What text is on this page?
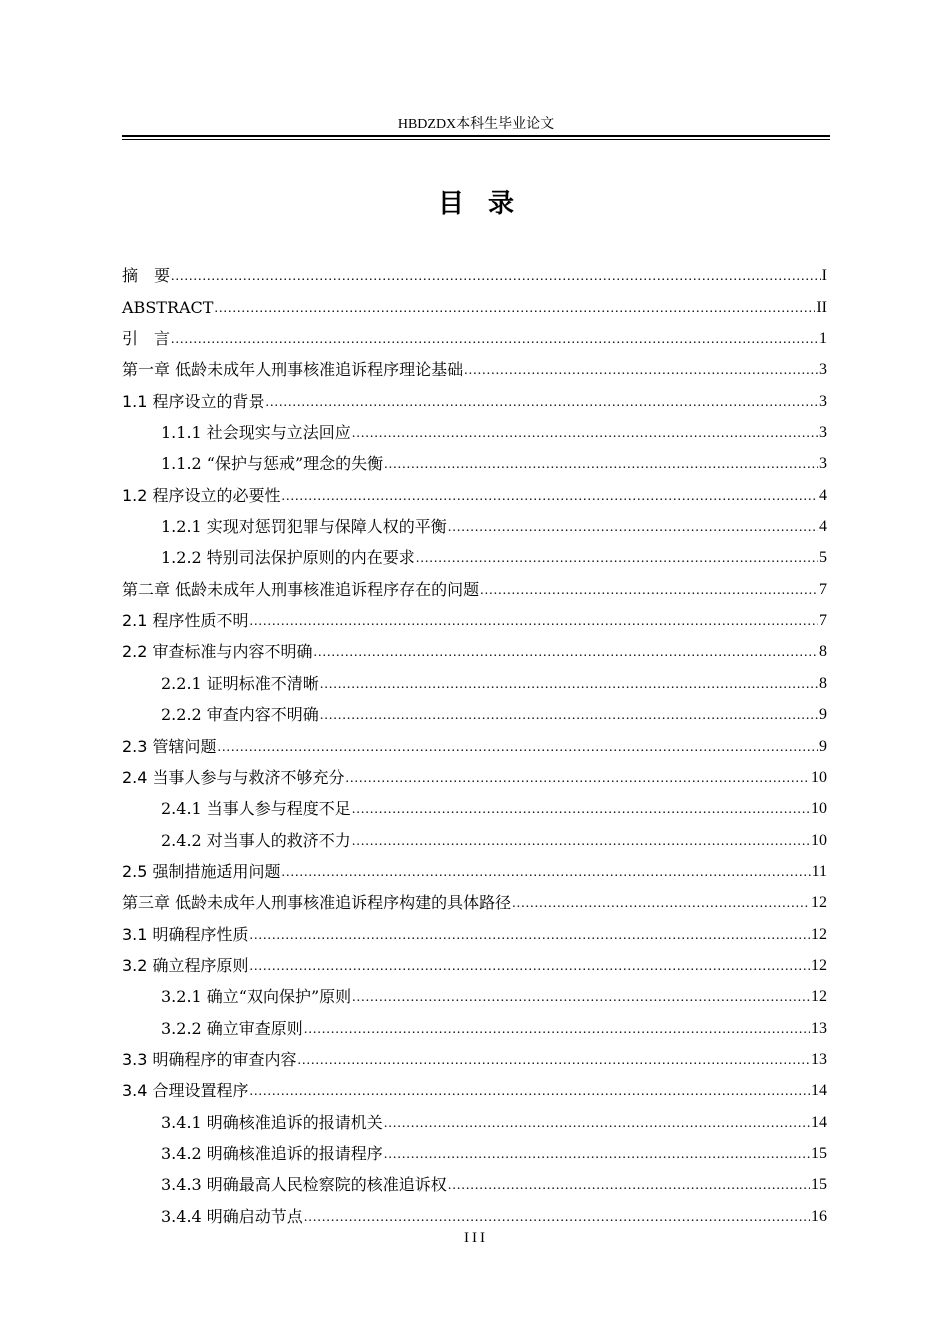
HBDZDX本科生毕业论文
目录
摘　要 .....	I
ABSTRACT .....	II
引　言 .....	1
第一章 低龄未成年人刑事核准追诉程序理论基础 .....	3
1.1 程序设立的背景 .....	3
1.1.1 社会现实与立法回应 .....	3
1.1.2 “保护与惩戒”理念的失衡 .....	3
1.2 程序设立的必要性 .....	4
1.2.1 实现对惩罚犯罪与保障人权的平衡 .....	4
1.2.2 特别司法保护原则的内在要求 .....	5
第二章 低龄未成年人刑事核准追诉程序存在的问题 .....	7
2.1 程序性质不明 .....	7
2.2 审查标准与内容不明确 .....	8
2.2.1 证明标准不清晰 .....	8
2.2.2 审查内容不明确 .....	9
2.3 管辖问题 .....	9
2.4 当事人参与与救济不够充分 .....	10
2.4.1 当事人参与程度不足 .....	10
2.4.2 对当事人的救济不力 .....	10
2.5 强制措施适用问题 .....	11
第三章 低龄未成年人刑事核准追诉程序构建的具体路径 .....	12
3.1 明确程序性质 .....	12
3.2 确立程序原则 .....	12
3.2.1 确立“双向保护”原则 .....	12
3.2.2 确立审查原则 .....	13
3.3 明确程序的审查内容 .....	13
3.4 合理设置程序 .....	14
3.4.1 明确核准追诉的报请机关 .....	14
3.4.2 明确核准追诉的报请程序 .....	15
3.4.3 明确最高人民检察院的核准追诉权 .....	15
3.4.4 明确启动节点 .....	16
III
